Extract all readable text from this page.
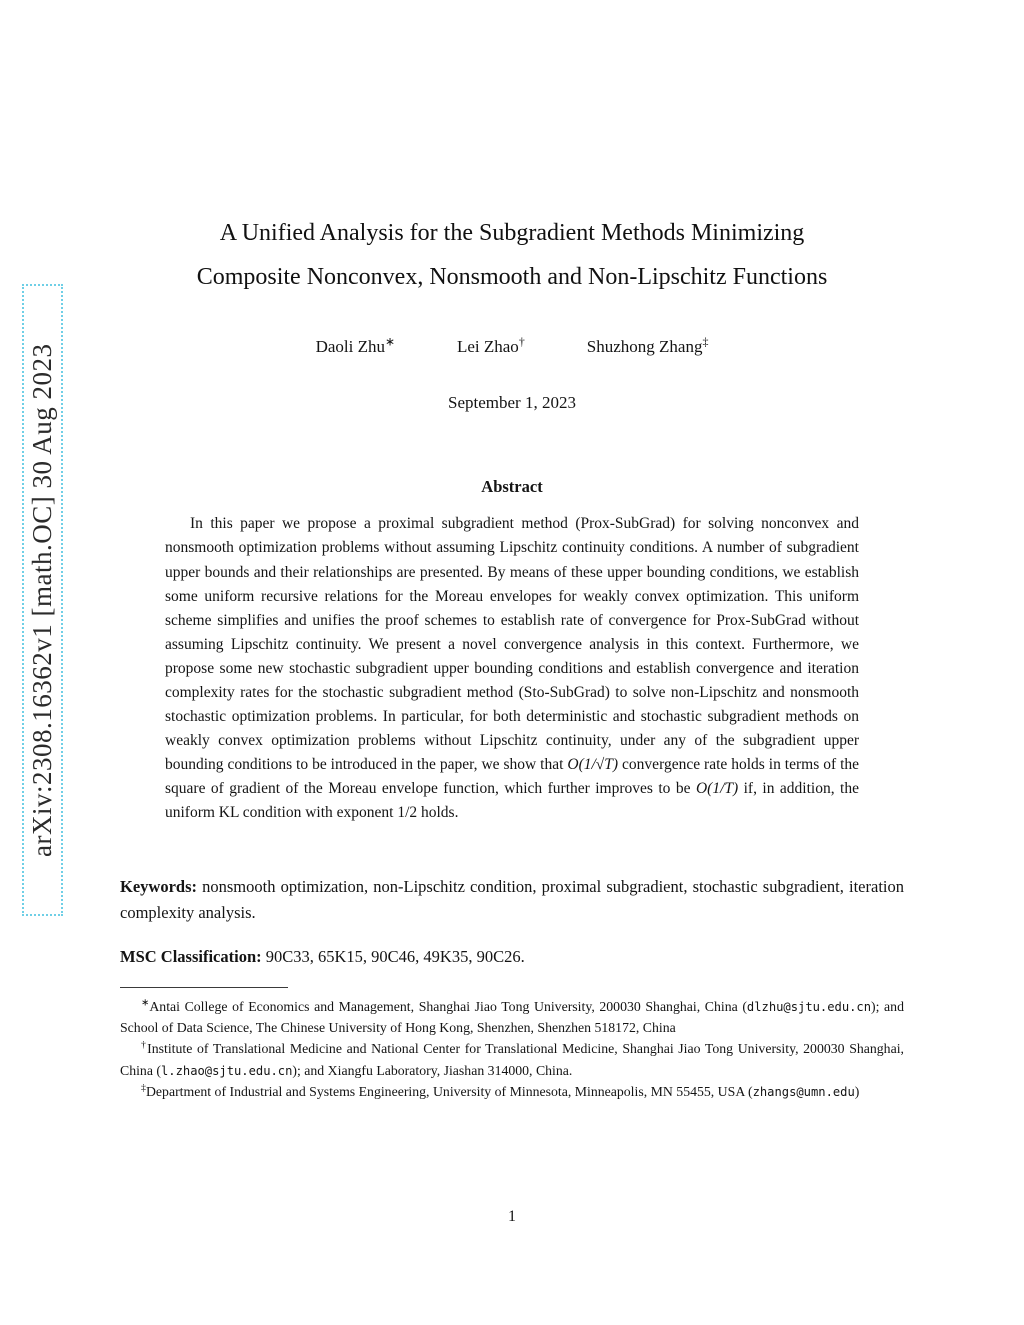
arXiv:2308.16362v1 [math.OC] 30 Aug 2023
A Unified Analysis for the Subgradient Methods Minimizing
Composite Nonconvex, Nonsmooth and Non-Lipschitz Functions
Daoli Zhu∗	Lei Zhao†	Shuzhong Zhang‡
September 1, 2023
Abstract

In this paper we propose a proximal subgradient method (Prox-SubGrad) for solving nonconvex and nonsmooth optimization problems without assuming Lipschitz continuity conditions. A number of subgradient upper bounds and their relationships are presented. By means of these upper bounding conditions, we establish some uniform recursive relations for the Moreau envelopes for weakly convex optimization. This uniform scheme simplifies and unifies the proof schemes to establish rate of convergence for Prox-SubGrad without assuming Lipschitz continuity. We present a novel convergence analysis in this context. Furthermore, we propose some new stochastic subgradient upper bounding conditions and establish convergence and iteration complexity rates for the stochastic subgradient method (Sto-SubGrad) to solve non-Lipschitz and nonsmooth stochastic optimization problems. In particular, for both deterministic and stochastic subgradient methods on weakly convex optimization problems without Lipschitz continuity, under any of the subgradient upper bounding conditions to be introduced in the paper, we show that O(1/√T) convergence rate holds in terms of the square of gradient of the Moreau envelope function, which further improves to be O(1/T) if, in addition, the uniform KL condition with exponent 1/2 holds.

Keywords: nonsmooth optimization, non-Lipschitz condition, proximal subgradient, stochastic subgradient, iteration complexity analysis.

MSC Classification: 90C33, 65K15, 90C46, 49K35, 90C26.

∗Antai College of Economics and Management, Shanghai Jiao Tong University, 200030 Shanghai, China (dlzhu@sjtu.edu.cn); and School of Data Science, The Chinese University of Hong Kong, Shenzhen, Shenzhen 518172, China

†Institute of Translational Medicine and National Center for Translational Medicine, Shanghai Jiao Tong University, 200030 Shanghai, China (l.zhao@sjtu.edu.cn); and Xiangfu Laboratory, Jiashan 314000, China.

‡Department of Industrial and Systems Engineering, University of Minnesota, Minneapolis, MN 55455, USA (zhangs@umn.edu)

1
